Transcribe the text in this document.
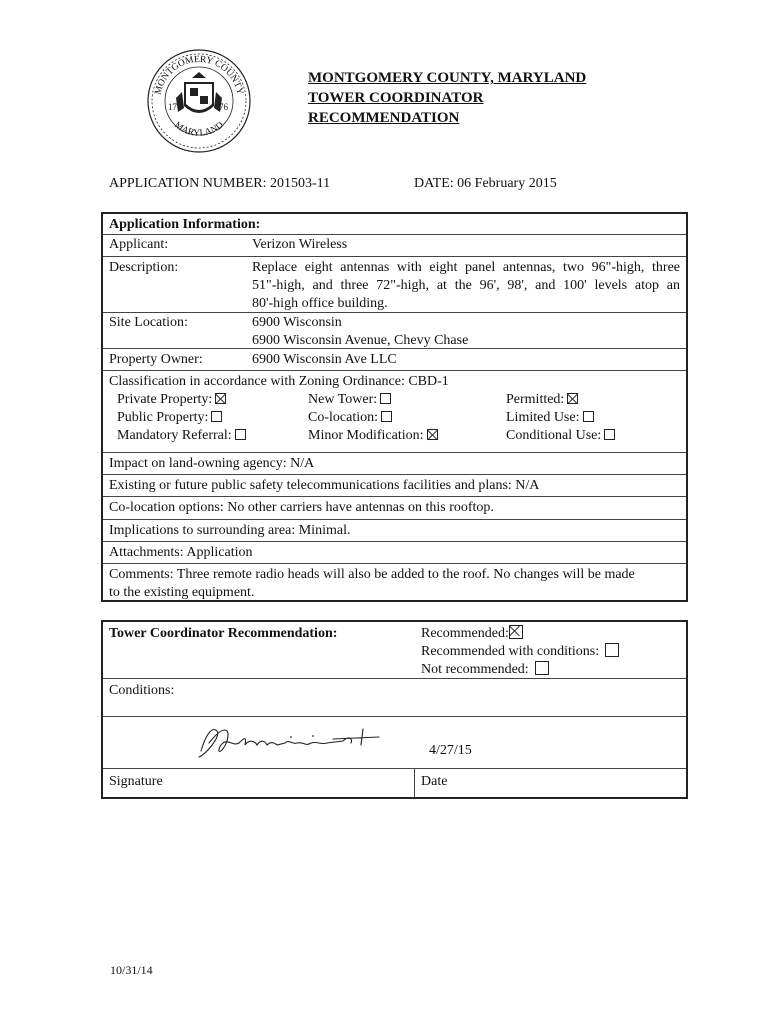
MONTGOMERY COUNTY
MARYLAND
17	76
MONTGOMERY COUNTY, MARYLAND
TOWER COORDINATOR
RECOMMENDATION
APPLICATION NUMBER: 201503-11	DATE: 06 February 2015
Application Information:
Applicant:	Verizon Wireless
Description:	Replace eight antennas with eight panel antennas, two 96"-high, three
51"-high, and three 72"-high, at the 96', 98', and 100' levels atop an
80'-high office building.
Site Location:	6900 Wisconsin
6900 Wisconsin Avenue, Chevy Chase
Property Owner:	6900 Wisconsin Ave LLC
Classification in accordance with Zoning Ordinance: CBD-1
Private Property:	New Tower:	Permitted:
Public Property:	Co-location:	Limited Use:
Mandatory Referral:	Minor Modification:	Conditional Use:
Impact on land-owning agency: N/A
Existing or future public safety telecommunications facilities and plans: N/A
Co-location options: No other carriers have antennas on this rooftop.
Implications to surrounding area: Minimal.
Attachments: Application
Comments: Three remote radio heads will also be added to the roof. No changes will be made
to the existing equipment.
Tower Coordinator Recommendation:	Recommended:
Recommended with conditions:
Not recommended:
Conditions:
4/27/15
Signature	Date
10/31/14
